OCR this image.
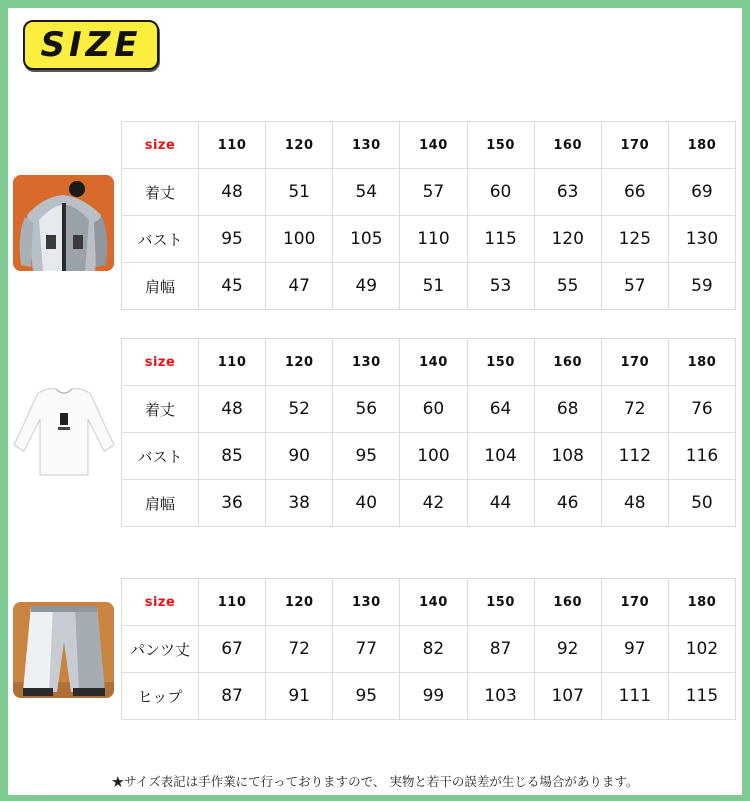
SIZE
size	110	120	130	140	150	160	170	180
着丈	48	51	54	57	60	63	66	69
バスト	95	100	105	110	115	120	125	130
肩幅	45	47	49	51	53	55	57	59
size	110	120	130	140	150	160	170	180
着丈	48	52	56	60	64	68	72	76
バスト	85	90	95	100	104	108	112	116
肩幅	36	38	40	42	44	46	48	50
size	110	120	130	140	150	160	170	180
パンツ丈	67	72	77	82	87	92	97	102
ヒップ	87	91	95	99	103	107	111	115
★サイズ表記は手作業にて行っておりますので、 実物と若干の誤差が生じる場合があります。
